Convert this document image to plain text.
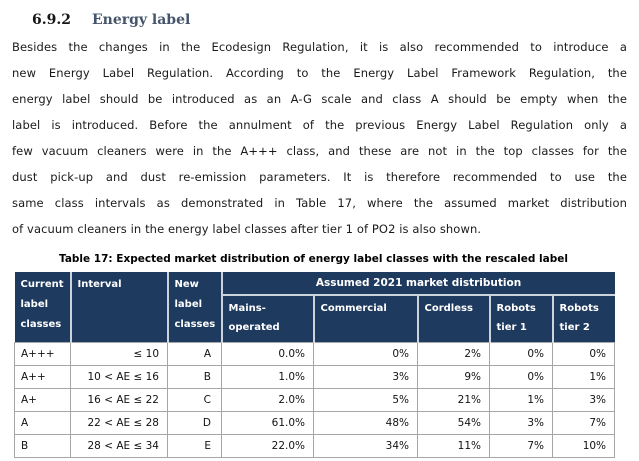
6.9.2 Energy label
Besides the changes in the Ecodesign Regulation, it is also recommended to introduce a
new Energy Label Regulation. According to the Energy Label Framework Regulation, the
energy label should be introduced as an A-G scale and class A should be empty when the
label is introduced. Before the annulment of the previous Energy Label Regulation only a
few vacuum cleaners were in the A+++ class, and these are not in the top classes for the
dust pick-up and dust re-emission parameters. It is therefore recommended to use the
same class intervals as demonstrated in Table 17, where the assumed market distribution
of vacuum cleaners in the energy label classes after tier 1 of PO2 is also shown.
Table 17: Expected market distribution of energy label classes with the rescaled label
Current label classes	Interval	New label classes	Assumed 2021 market distribution				
			Mains-operated	Commercial	Cordless	Robots tier 1	Robots tier 2
A+++	≤ 10	A	0.0%	0%	2%	0%	0%
A++	10 < AE ≤ 16	B	1.0%	3%	9%	0%	1%
A+	16 < AE ≤ 22	C	2.0%	5%	21%	1%	3%
A	22 < AE ≤ 28	D	61.0%	48%	54%	3%	7%
B	28 < AE ≤ 34	E	22.0%	34%	11%	7%	10%
